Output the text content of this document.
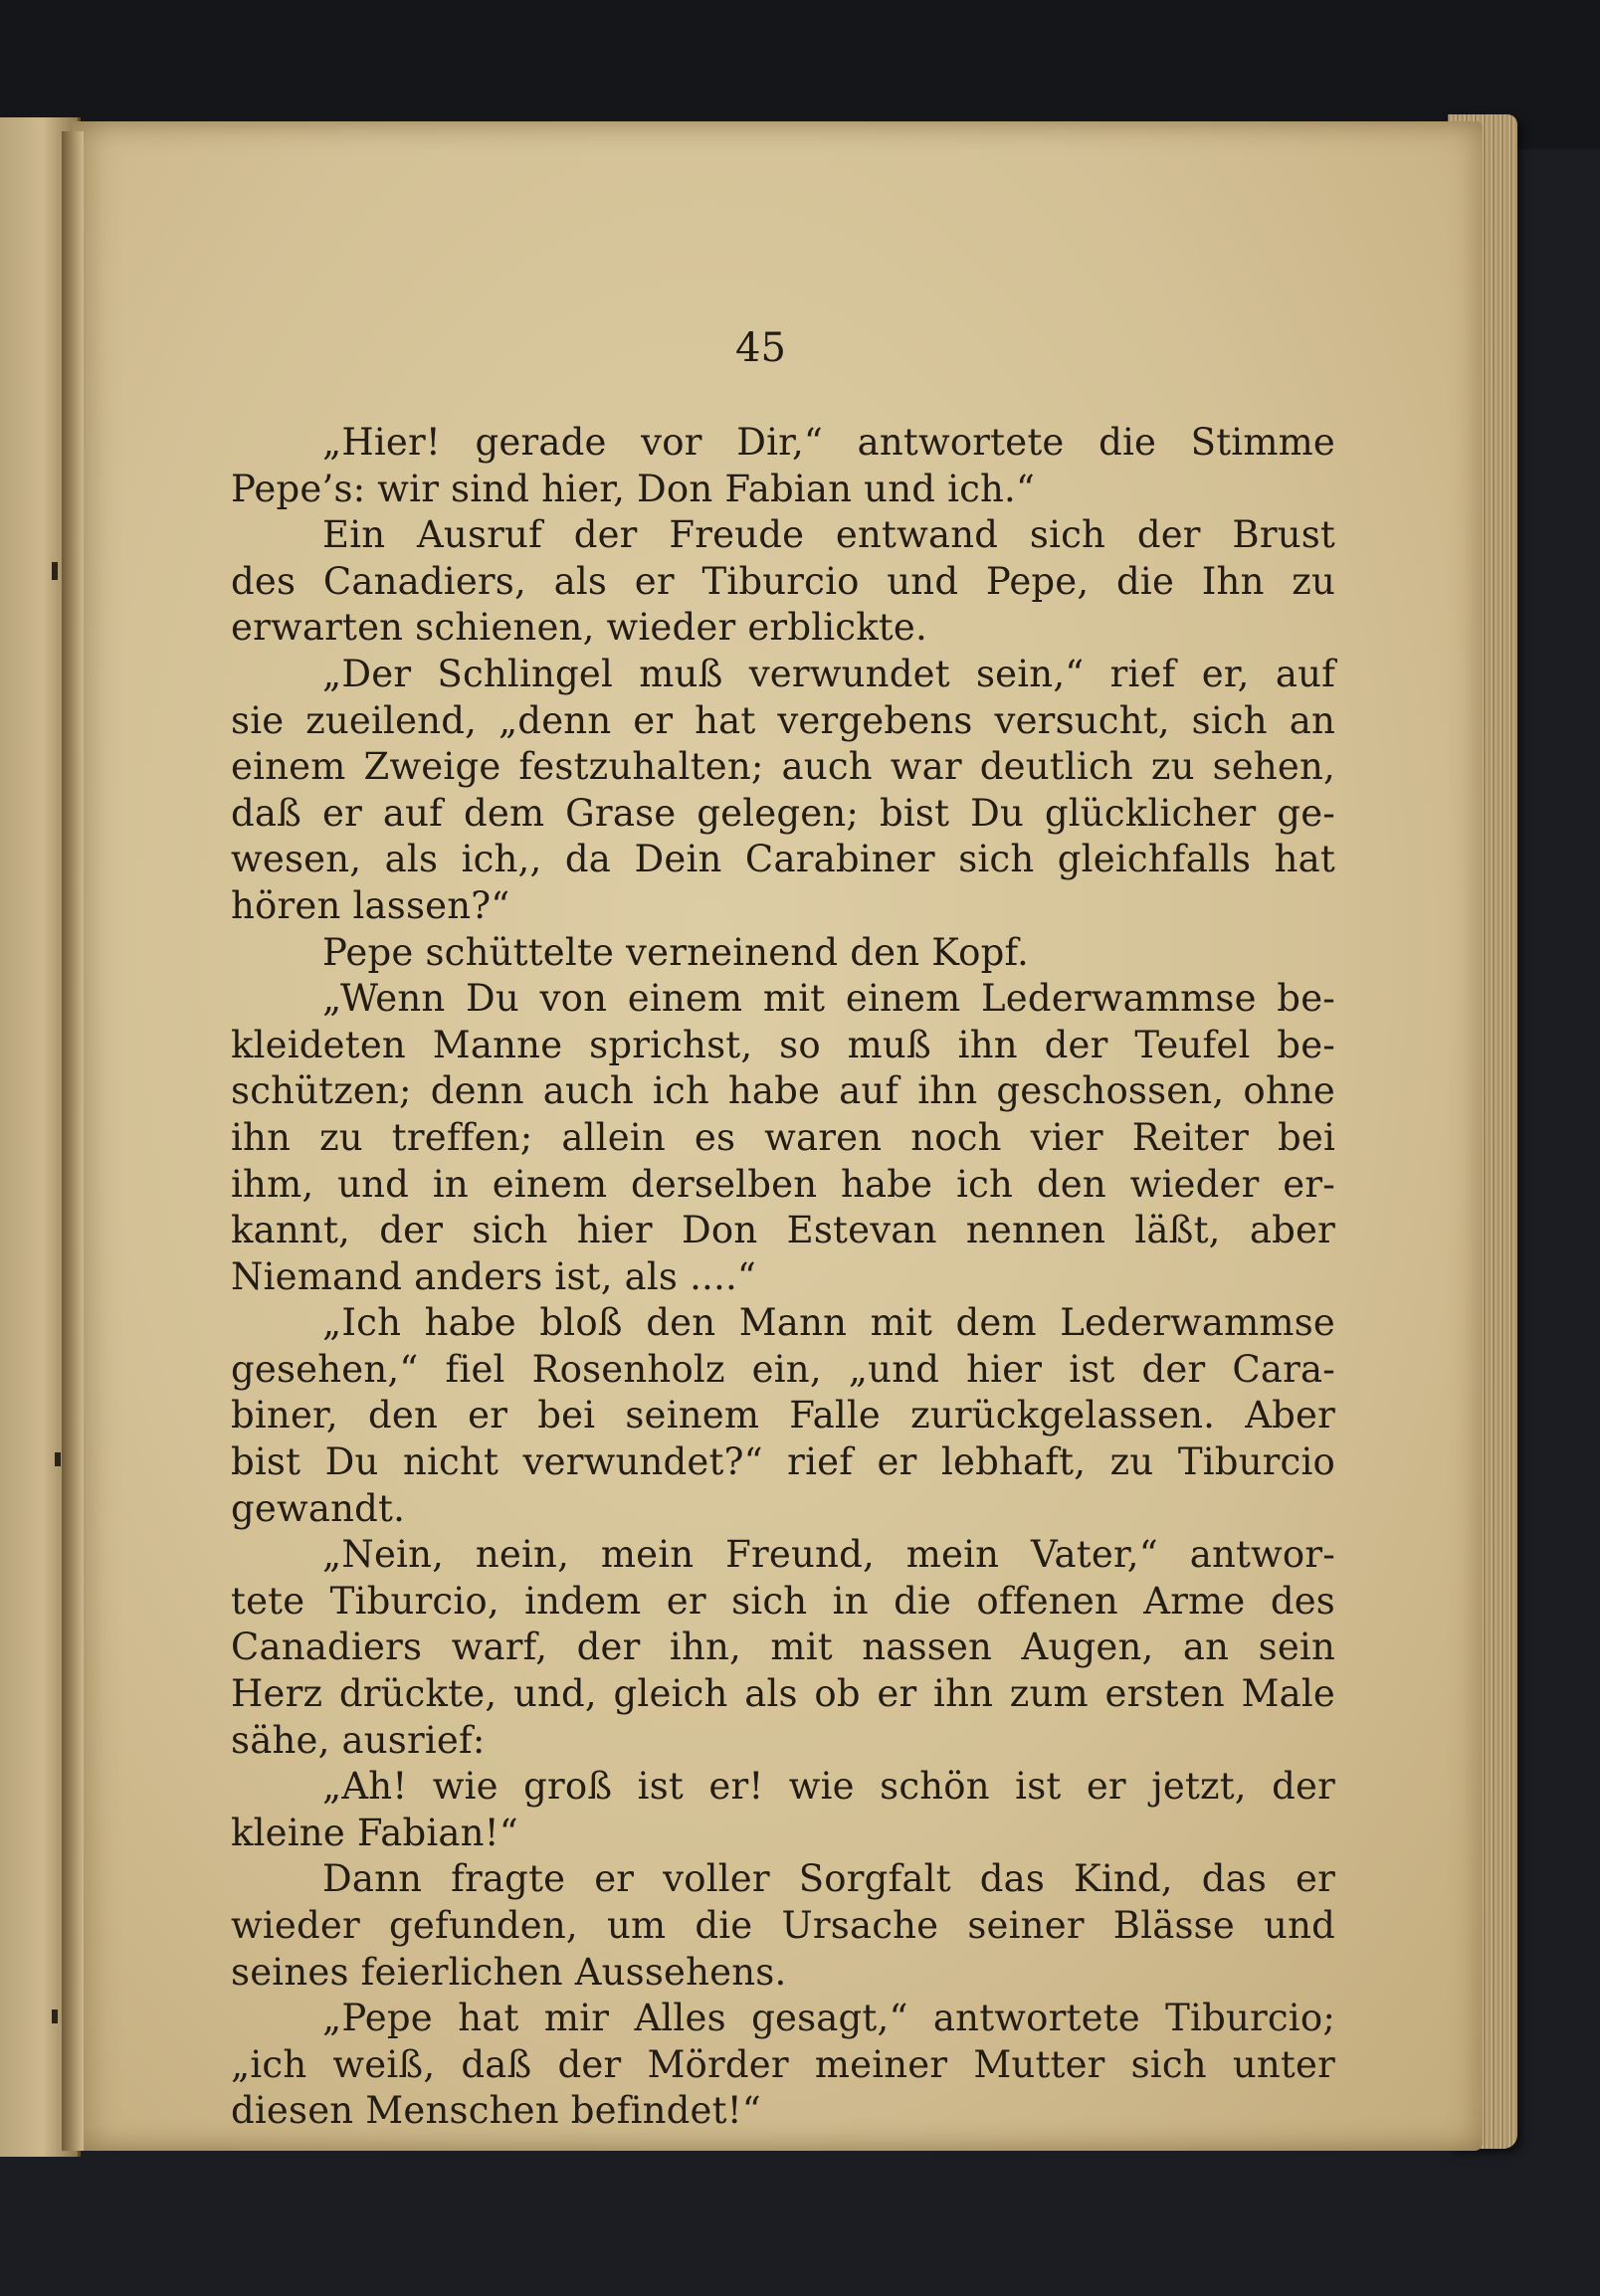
45
„Hier! gerade vor Dir,“ antwortete die Stimme
Pepe’s: wir sind hier, Don Fabian und ich.“
Ein Ausruf der Freude entwand sich der Brust
des Canadiers, als er Tiburcio und Pepe, die Ihn zu
erwarten schienen, wieder erblickte.
„Der Schlingel muß verwundet sein,“ rief er, auf
sie zueilend, „denn er hat vergebens versucht, sich an
einem Zweige festzuhalten; auch war deutlich zu sehen,
daß er auf dem Grase gelegen; bist Du glücklicher ge-
wesen, als ich,, da Dein Carabiner sich gleichfalls hat
hören lassen?“
Pepe schüttelte verneinend den Kopf.
„Wenn Du von einem mit einem Lederwammse be-
kleideten Manne sprichst, so muß ihn der Teufel be-
schützen; denn auch ich habe auf ihn geschossen, ohne
ihn zu treffen; allein es waren noch vier Reiter bei
ihm, und in einem derselben habe ich den wieder er-
kannt, der sich hier Don Estevan nennen läßt, aber
Niemand anders ist, als ....“
„Ich habe bloß den Mann mit dem Lederwammse
gesehen,“ fiel Rosenholz ein, „und hier ist der Cara-
biner, den er bei seinem Falle zurückgelassen. Aber
bist Du nicht verwundet?“ rief er lebhaft, zu Tiburcio
gewandt.
„Nein, nein, mein Freund, mein Vater,“ antwor-
tete Tiburcio, indem er sich in die offenen Arme des
Canadiers warf, der ihn, mit nassen Augen, an sein
Herz drückte, und, gleich als ob er ihn zum ersten Male
sähe, ausrief:
„Ah! wie groß ist er! wie schön ist er jetzt, der
kleine Fabian!“
Dann fragte er voller Sorgfalt das Kind, das er
wieder gefunden, um die Ursache seiner Blässe und
seines feierlichen Aussehens.
„Pepe hat mir Alles gesagt,“ antwortete Tiburcio;
„ich weiß, daß der Mörder meiner Mutter sich unter
diesen Menschen befindet!“
